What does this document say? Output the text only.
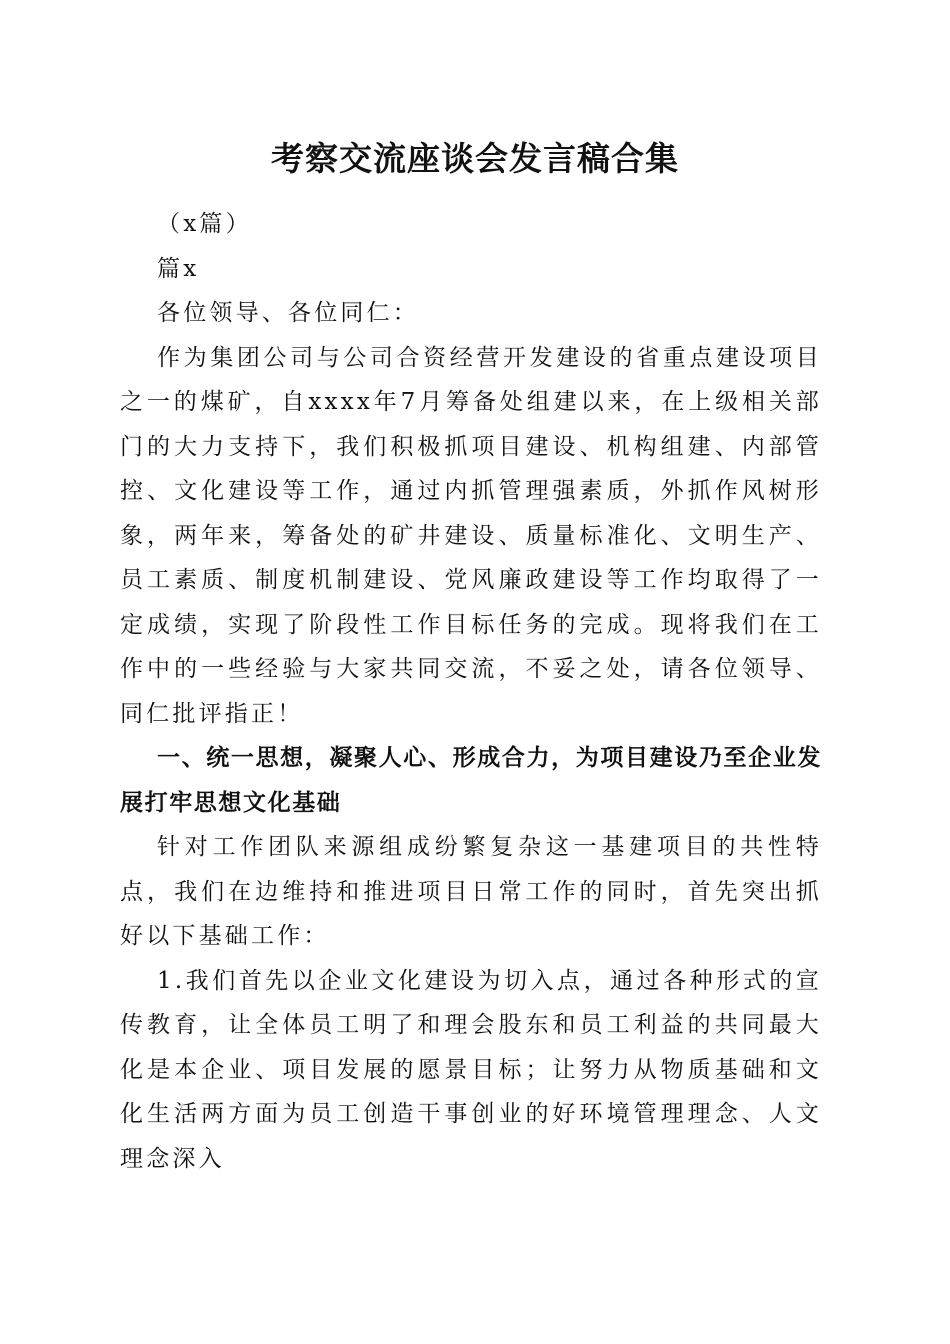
考察交流座谈会发言稿合集

（x篇）

篇x

各位领导、各位同仁：

作为集团公司与公司合资经营开发建设的省重点建设项目之一的煤矿，自xxxx年7月筹备处组建以来，在上级相关部门的大力支持下，我们积极抓项目建设、机构组建、内部管控、文化建设等工作，通过内抓管理强素质，外抓作风树形象，两年来，筹备处的矿井建设、质量标准化、文明生产、员工素质、制度机制建设、党风廉政建设等工作均取得了一定成绩，实现了阶段性工作目标任务的完成。现将我们在工作中的一些经验与大家共同交流，不妥之处，请各位领导、同仁批评指正！

一、统一思想，凝聚人心、形成合力，为项目建设乃至企业发展打牢思想文化基础

针对工作团队来源组成纷繁复杂这一基建项目的共性特点，我们在边维持和推进项目日常工作的同时，首先突出抓好以下基础工作：

1.我们首先以企业文化建设为切入点，通过各种形式的宣传教育，让全体员工明了和理会股东和员工利益的共同最大化是本企业、项目发展的愿景目标；让努力从物质基础和文化生活两方面为员工创造干事创业的好环境管理理念、人文理念深入
